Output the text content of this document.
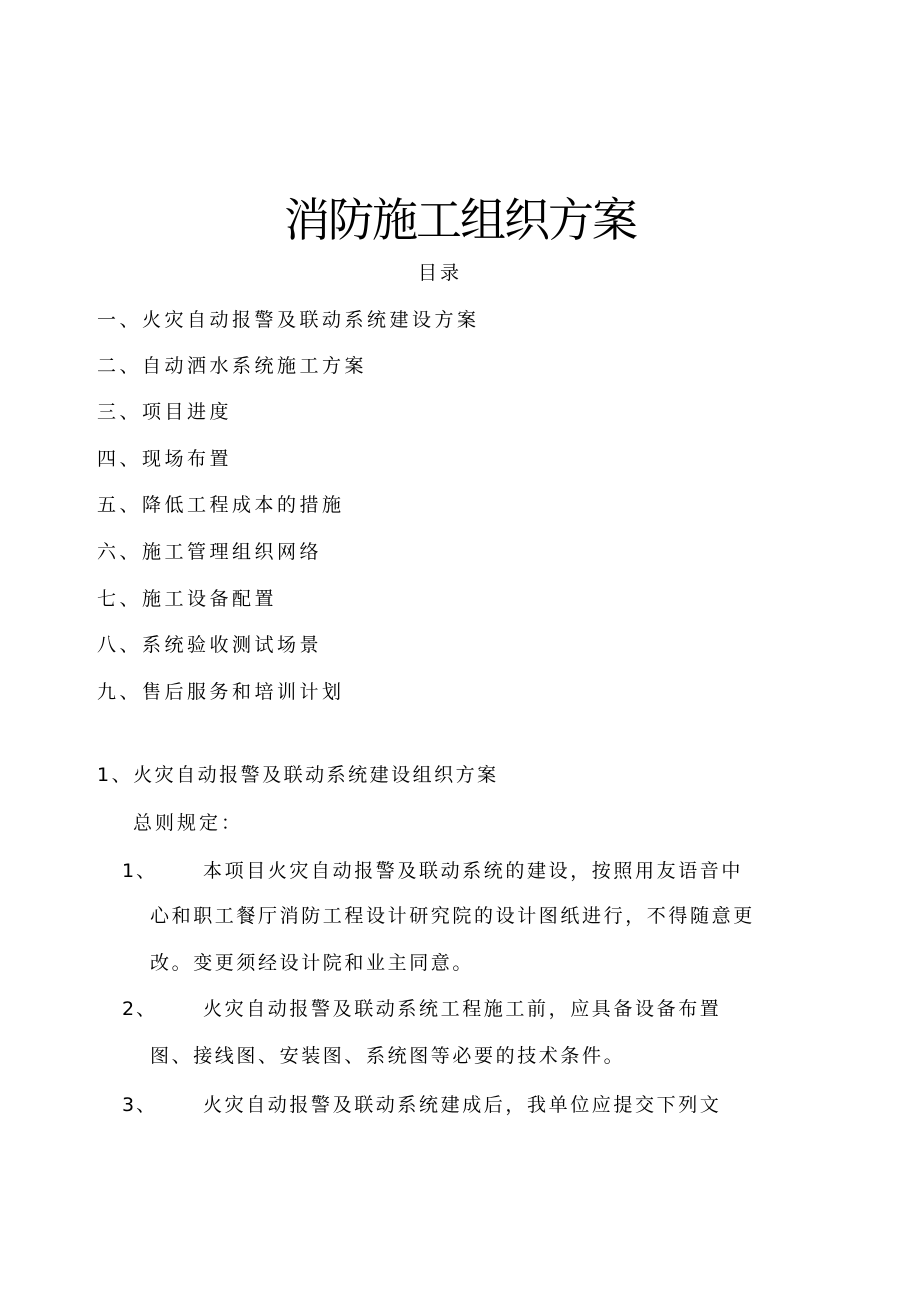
消防施工组织方案
目录
一、火灾自动报警及联动系统建设方案
二、自动洒水系统施工方案
三、项目进度
四、现场布置
五、降低工程成本的措施
六、施工管理组织网络
七、施工设备配置
八、系统验收测试场景
九、售后服务和培训计划
1、火灾自动报警及联动系统建设组织方案
总则规定：
1、 本项目火灾自动报警及联动系统的建设，按照用友语音中
心和职工餐厅消防工程设计研究院的设计图纸进行，不得随意更
改。变更须经设计院和业主同意。
2、 火灾自动报警及联动系统工程施工前，应具备设备布置
图、接线图、安装图、系统图等必要的技术条件。
3、 火灾自动报警及联动系统建成后，我单位应提交下列文
